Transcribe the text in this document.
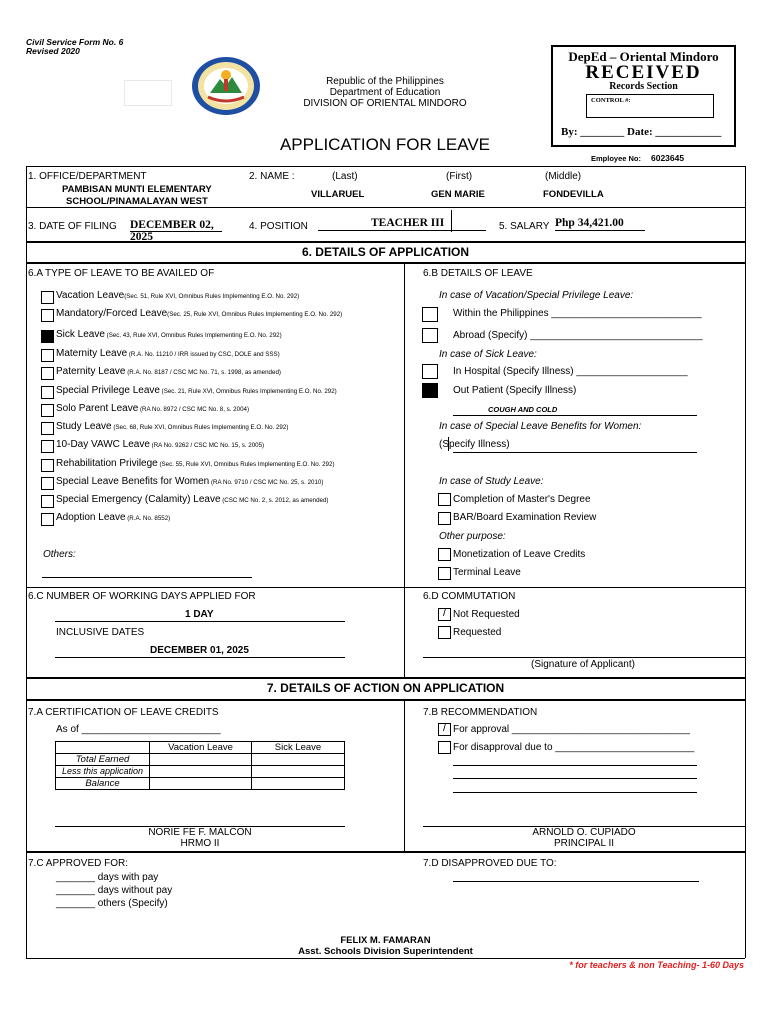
Civil Service Form No. 6
Revised 2020
Republic of the Philippines
Department of Education
DIVISION OF ORIENTAL MINDORO
APPLICATION FOR LEAVE
DepEd – Oriental Mindoro
RECEIVED
Records Section
CONTROL #:
By: ________ Date: ____________
Employee No: 6023645
1. OFFICE/DEPARTMENT
PAMBISAN MUNTI ELEMENTARY
SCHOOL/PINAMALAYAN WEST
2. NAME :	(Last)	(First)	(Middle)
VILLARUEL	GEN MARIE	FONDEVILLA
3. DATE OF FILING DECEMBER 02,
2025
4. POSITION	TEACHER III	5. SALARY Php 34,421.00
6. DETAILS OF APPLICATION
6.A TYPE OF LEAVE TO BE AVAILED OF
Vacation Leave(Sec. 51, Rule XVI, Omnibus Rules Implementing E.O. No. 292)
Mandatory/Forced Leave(Sec. 25, Rule XVI, Omnibus Rules Implementing E.O. No. 292)
Sick Leave (Sec. 43, Rule XVI, Omnibus Rules Implementing E.O. No. 292)
Maternity Leave (R.A. No. 11210 / IRR issued by CSC, DOLE and SSS)
Paternity Leave (R.A. No. 8187 / CSC MC No. 71, s. 1998, as amended)
Special Privilege Leave (Sec. 21, Rule XVI, Omnibus Rules Implementing E.O. No. 292)
Solo Parent Leave (RA No. 8972 / CSC MC No. 8, s. 2004)
Study Leave (Sec. 68, Rule XVI, Omnibus Rules Implementing E.O. No. 292)
10-Day VAWC Leave (RA No. 9262 / CSC MC No. 15, s. 2005)
Rehabilitation Privilege (Sec. 55, Rule XVI, Omnibus Rules Implementing E.O. No. 292)
Special Leave Benefits for Women (RA No. 9710 / CSC MC No. 25, s. 2010)
Special Emergency (Calamity) Leave (CSC MC No. 2, s. 2012, as amended)
Adoption Leave (R.A. No. 8552)
Others:
6.B DETAILS OF LEAVE
In case of Vacation/Special Privilege Leave:
Within the Philippines ___________________________
Abroad (Specify) _______________________________
In case of Sick Leave:
In Hospital (Specify Illness) ____________________
Out Patient (Specify Illness)
COUGH AND COLD
In case of Special Leave Benefits for Women:
(Specify Illness)
In case of Study Leave:
Completion of Master's Degree
BAR/Board Examination Review
Other purpose:
Monetization of Leave Credits
Terminal Leave
6.C NUMBER OF WORKING DAYS APPLIED FOR
1 DAY
INCLUSIVE DATES
DECEMBER 01, 2025
6.D COMMUTATION
/ Not Requested
Requested
(Signature of Applicant)
7. DETAILS OF ACTION ON APPLICATION
7.A CERTIFICATION OF LEAVE CREDITS
As of _________________________
	Vacation Leave	Sick Leave
Total Earned		
Less this application		
Balance		
7.B RECOMMENDATION
/ For approval ________________________________
For disapproval due to _________________________
NORIE FE F. MALCON
HRMO II
ARNOLD O. CUPIADO
PRINCIPAL II
7.C APPROVED FOR:
_______ days with pay
_______ days without pay
_______ others (Specify)
7.D DISAPPROVED DUE TO:
FELIX M. FAMARAN
Asst. Schools Division Superintendent
* for teachers & non Teaching- 1-60 Days
